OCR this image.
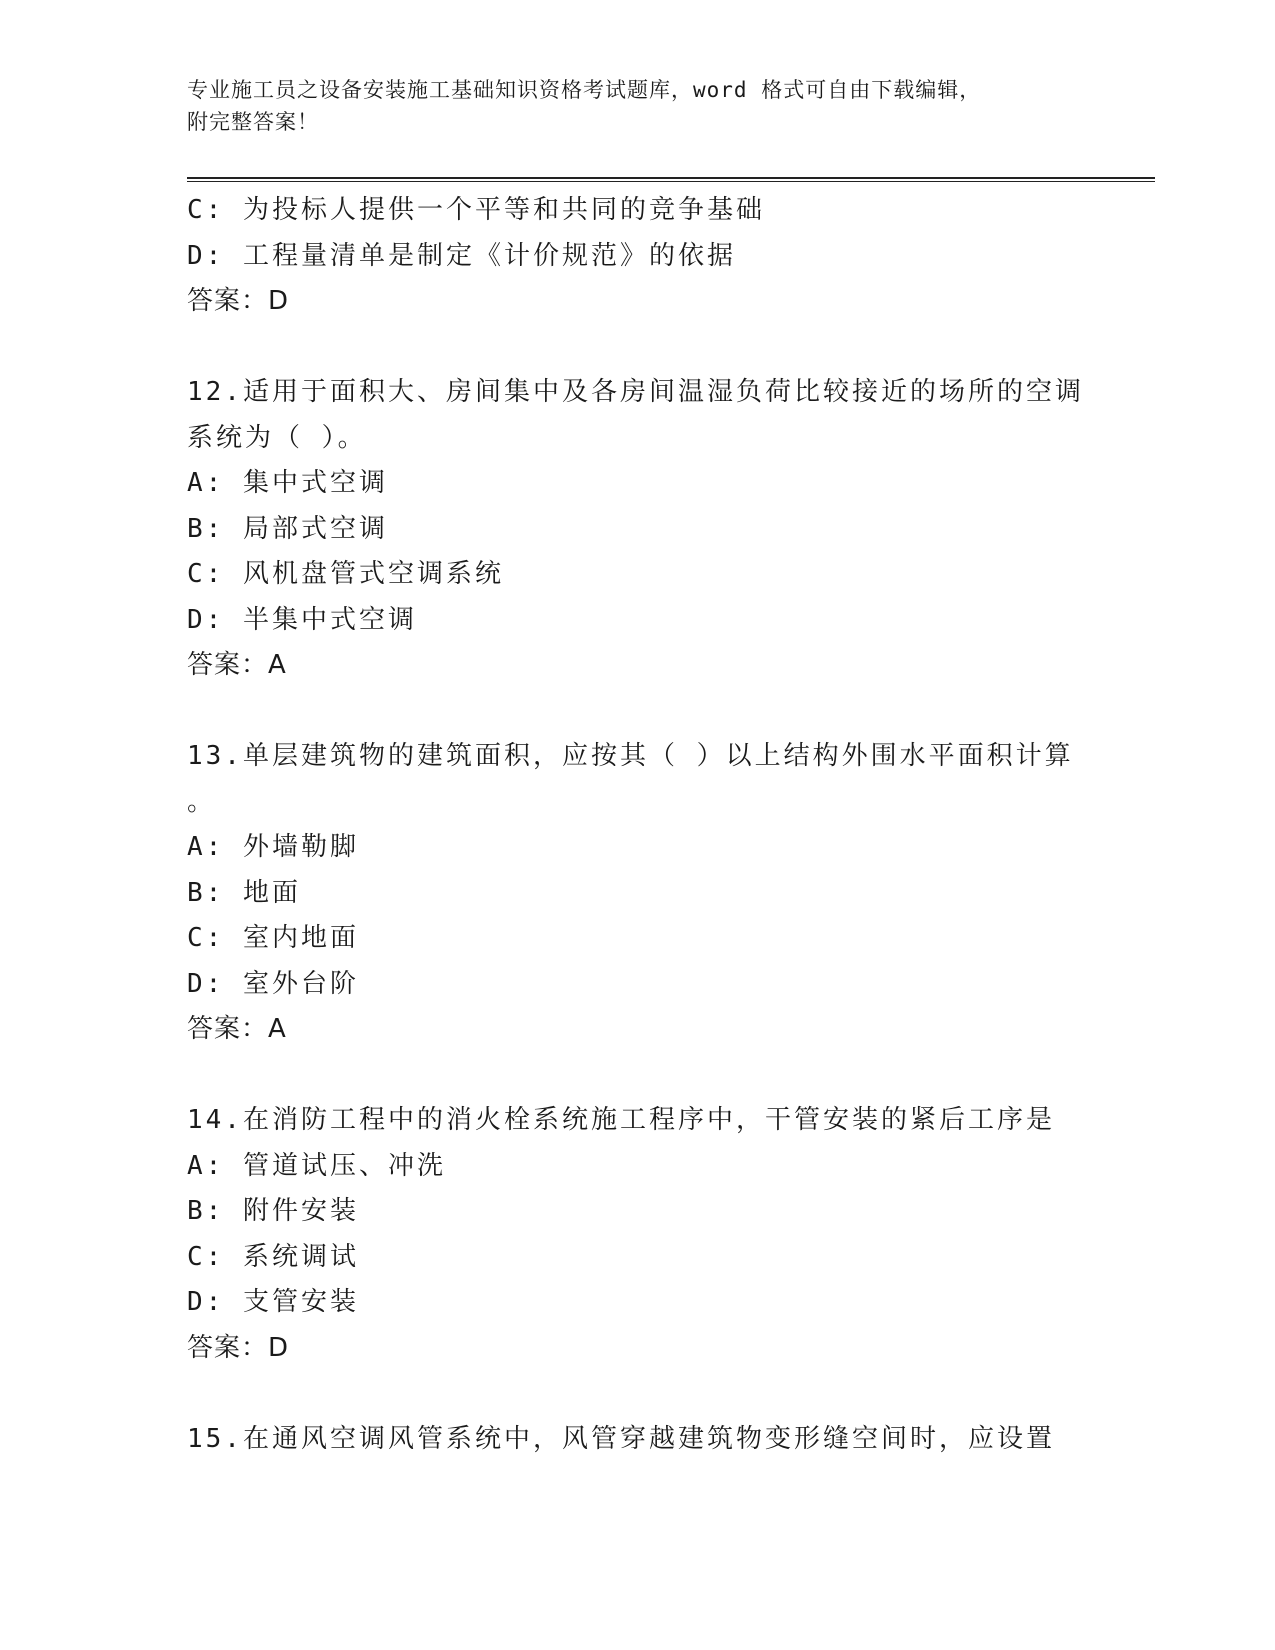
专业施工员之设备安装施工基础知识资格考试题库，word 格式可自由下载编辑，
附完整答案！
C: 为投标人提供一个平等和共同的竞争基础
D: 工程量清单是制定《计价规范》的依据
答案：D
12.适用于面积大、房间集中及各房间温湿负荷比较接近的场所的空调
系统为（ ）。
A: 集中式空调
B: 局部式空调
C: 风机盘管式空调系统
D: 半集中式空调
答案：A
13.单层建筑物的建筑面积，应按其（ ）以上结构外围水平面积计算
。
A: 外墙勒脚
B: 地面
C: 室内地面
D: 室外台阶
答案：A
14.在消防工程中的消火栓系统施工程序中，干管安装的紧后工序是
A: 管道试压、冲洗
B: 附件安装
C: 系统调试
D: 支管安装
答案：D
15.在通风空调风管系统中，风管穿越建筑物变形缝空间时，应设置
